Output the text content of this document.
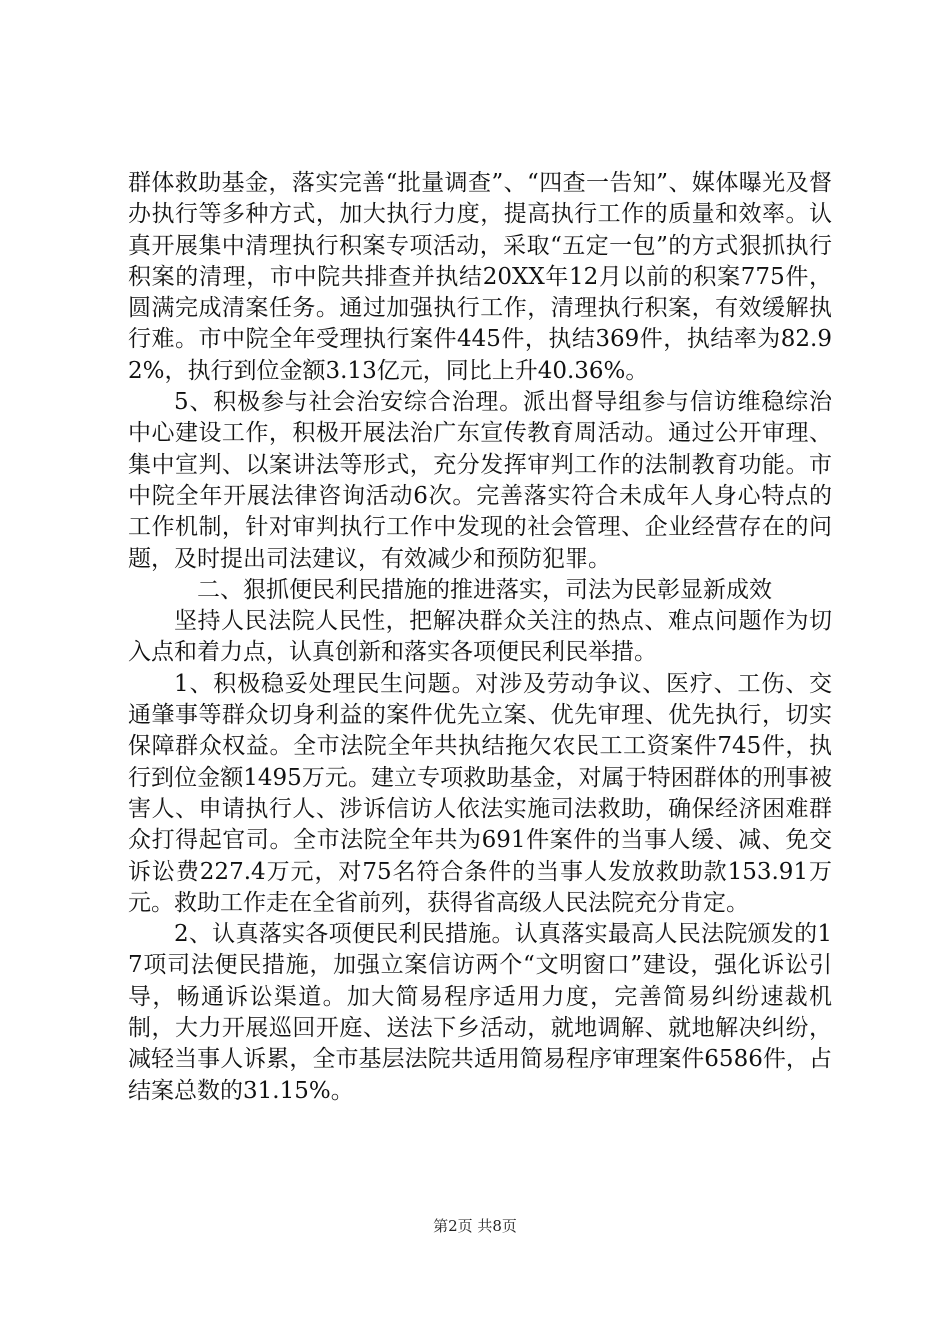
群体救助基金，落实完善“批量调查”、“四查一告知”、媒体曝光及督办执行等多种方式，加大执行力度，提高执行工作的质量和效率。认真开展集中清理执行积案专项活动，采取“五定一包”的方式狠抓执行积案的清理，市中院共排查并执结20XX年12月以前的积案775件，圆满完成清案任务。通过加强执行工作，清理执行积案，有效缓解执行难。市中院全年受理执行案件445件，执结369件，执结率为82.92%，执行到位金额3.13亿元，同比上升40.36%。

5、积极参与社会治安综合治理。派出督导组参与信访维稳综治中心建设工作，积极开展法治广东宣传教育周活动。通过公开审理、集中宣判、以案讲法等形式，充分发挥审判工作的法制教育功能。市中院全年开展法律咨询活动6次。完善落实符合未成年人身心特点的工作机制，针对审判执行工作中发现的社会管理、企业经营存在的问题，及时提出司法建议，有效减少和预防犯罪。

二、狠抓便民利民措施的推进落实，司法为民彰显新成效

坚持人民法院人民性，把解决群众关注的热点、难点问题作为切入点和着力点，认真创新和落实各项便民利民举措。

1、积极稳妥处理民生问题。对涉及劳动争议、医疗、工伤、交通肇事等群众切身利益的案件优先立案、优先审理、优先执行，切实保障群众权益。全市法院全年共执结拖欠农民工工资案件745件，执行到位金额1495万元。建立专项救助基金，对属于特困群体的刑事被害人、申请执行人、涉诉信访人依法实施司法救助，确保经济困难群众打得起官司。全市法院全年共为691件案件的当事人缓、减、免交诉讼费227.4万元，对75名符合条件的当事人发放救助款153.91万元。救助工作走在全省前列，获得省高级人民法院充分肯定。

2、认真落实各项便民利民措施。认真落实最高人民法院颁发的17项司法便民措施，加强立案信访两个“文明窗口”建设，强化诉讼引导，畅通诉讼渠道。加大简易程序适用力度，完善简易纠纷速裁机制，大力开展巡回开庭、送法下乡活动，就地调解、就地解决纠纷，减轻当事人诉累，全市基层法院共适用简易程序审理案件6586件，占结案总数的31.15%。

第2页 共8页
